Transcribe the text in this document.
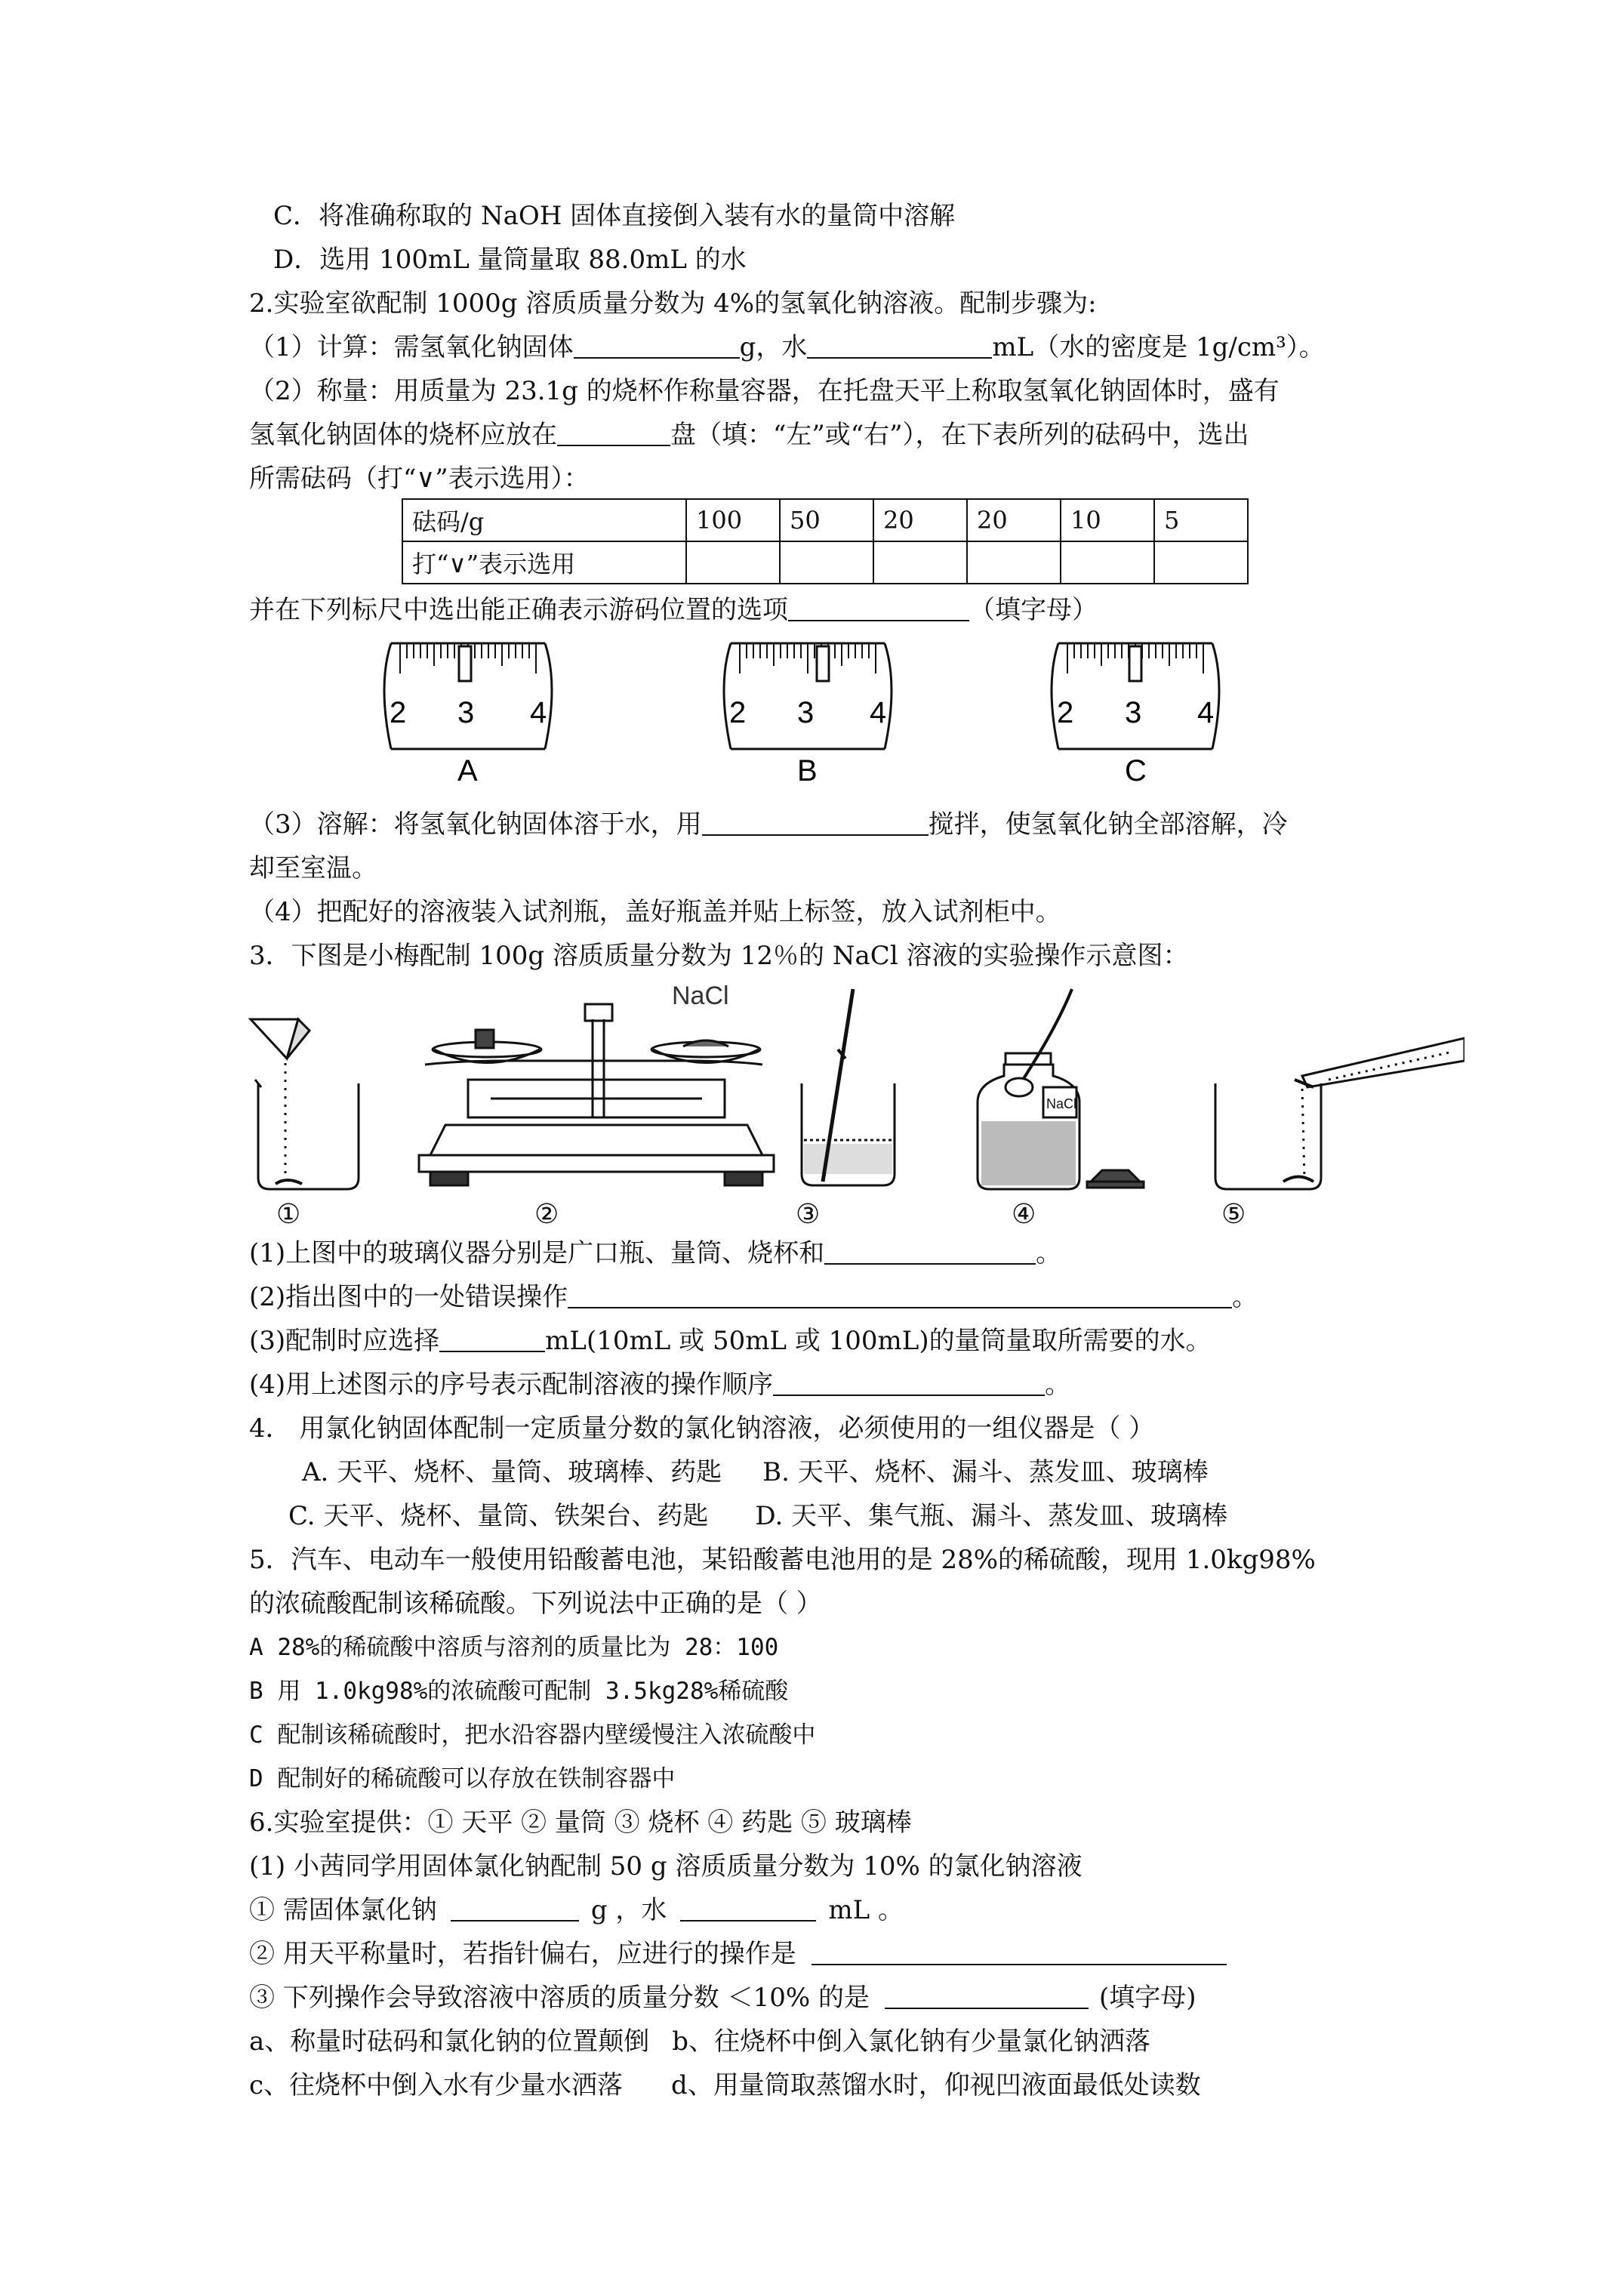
C．将准确称取的 NaOH 固体直接倒入装有水的量筒中溶解
D．选用 100mL 量筒量取 88.0mL 的水
2.实验室欲配制 1000g 溶质质量分数为 4%的氢氧化钠溶液。配制步骤为:
（1）计算：需氢氧化钠固体	g，水	mL（水的密度是 1g/cm³）。
（2）称量：用质量为 23.1g 的烧杯作称量容器，在托盘天平上称取氢氧化钠固体时，盛有
氢氧化钠固体的烧杯应放在	盘（填：“左”或“右”），在下表所列的砝码中，选出
所需砝码（打“∨”表示选用）：
砝码/g	100	50	20	20	10	5
打“∨”表示选用						
并在下列标尺中选出能正确表示游码位置的选项	（填字母）
2 3 4
A
2 3 4
B
2 3 4
C
（3）溶解：将氢氧化钠固体溶于水，用	搅拌，使氢氧化钠全部溶解，冷
却至室温。
（4）把配好的溶液装入试剂瓶，盖好瓶盖并贴上标签，放入试剂柜中。
3．下图是小梅配制 100g 溶质质量分数为 12％的 NaCl 溶液的实验操作示意图：
NaCl
NaCl
①	②	③	④	⑤
(1)上图中的玻璃仪器分别是广口瓶、量筒、烧杯和	。
(2)指出图中的一处错误操作	。
(3)配制时应选择	mL(10mL 或 50mL 或 100mL)的量筒量取所需要的水。
(4)用上述图示的序号表示配制溶液的操作顺序	。
4． 用氯化钠固体配制一定质量分数的氯化钠溶液，必须使用的一组仪器是（ ）
A. 天平、烧杯、量筒、玻璃棒、药匙 B. 天平、烧杯、漏斗、蒸发皿、玻璃棒
C. 天平、烧杯、量筒、铁架台、药匙 D. 天平、集气瓶、漏斗、蒸发皿、玻璃棒
5．汽车、电动车一般使用铅酸蓄电池，某铅酸蓄电池用的是 28%的稀硫酸，现用 1.0kg98%
的浓硫酸配制该稀硫酸。下列说法中正确的是（ ）
A 28%的稀硫酸中溶质与溶剂的质量比为 28：100
B 用 1.0kg98%的浓硫酸可配制 3.5kg28%稀硫酸
C 配制该稀硫酸时，把水沿容器内壁缓慢注入浓硫酸中
D 配制好的稀硫酸可以存放在铁制容器中
6.实验室提供：① 天平 ② 量筒 ③ 烧杯 ④ 药匙 ⑤ 玻璃棒
(1) 小茜同学用固体氯化钠配制 50 g 溶质质量分数为 10% 的氯化钠溶液
① 需固体氯化钠	g ，水	mL 。
② 用天平称量时，若指针偏右，应进行的操作是
③ 下列操作会导致溶液中溶质的质量分数 ＜10% 的是	(填字母)
a、称量时砝码和氯化钠的位置颠倒 b、往烧杯中倒入氯化钠有少量氯化钠洒落
c、往烧杯中倒入水有少量水洒落 d、用量筒取蒸馏水时，仰视凹液面最低处读数
